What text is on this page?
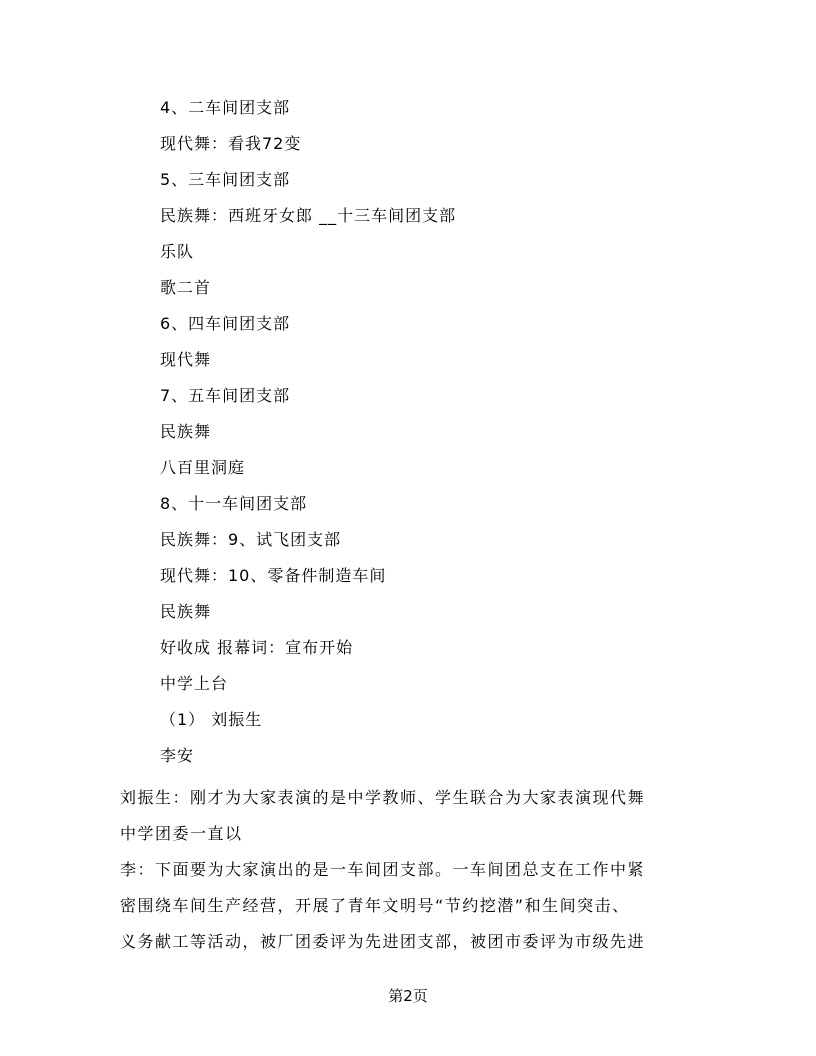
4、二车间团支部
现代舞：看我72变
5、三车间团支部
民族舞：西班牙女郎 __十三车间团支部
乐队
歌二首
6、四车间团支部
现代舞
7、五车间团支部
民族舞
八百里洞庭
8、十一车间团支部
民族舞：9、试飞团支部
现代舞：10、零备件制造车间
民族舞
好收成 报幕词：宣布开始
中学上台
（1） 刘振生
李安

刘振生：刚才为大家表演的是中学教师、学生联合为大家表演现代舞

中学团委一直以

李：下面要为大家演出的是一车间团支部。一车间团总支在工作中紧

密围绕车间生产经营，开展了青年文明号“节约挖潜”和生间突击、

义务献工等活动，被厂团委评为先进团支部，被团市委评为市级先进

第2页
